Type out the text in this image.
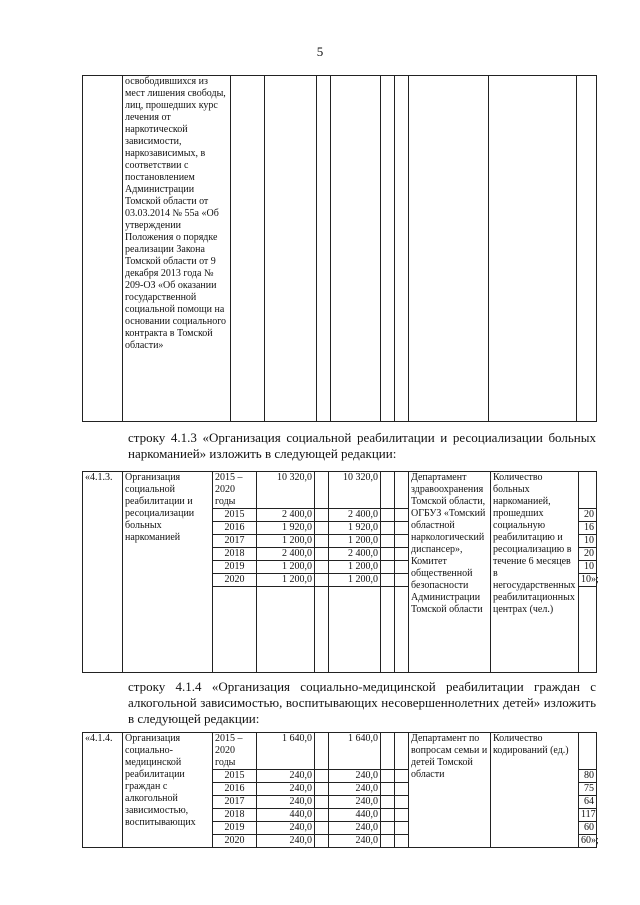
5
	освободившихся из мест лишения свободы, лиц, прошедших курс лечения от наркотической зависимости, наркозависимых, в соответствии с постановлением Администрации Томской области от 03.03.2014 № 55а «Об утверждении Положения о порядке реализации Закона Томской области от 9 декабря 2013 года № 209-ОЗ «Об оказании государственной социальной помощи на основании социального контракта в Томской области»									
строку 4.1.3 «Организация социальной реабилитации и ресоциализации больных наркоманией» изложить в следующей редакции:
«4.1.3.	Организация социальной реабилитации и ресоциализации больных наркоманией	2015 – 2020 годы	10 320,0		10 320,0			Департамент здравоохранения Томской области, ОГБУЗ «Томский областной наркологический диспансер», Комитет общественной безопасности Администрации Томской области	Количество больных наркоманией, прошедших социальную реабилитацию и ресоциализацию в течение 6 месяцев в негосударственных реабилитационных центрах (чел.)	
		2015	2 400,0		2 400,0					20
		2016	1 920,0		1 920,0					16
		2017	1 200,0		1 200,0					10
		2018	2 400,0		2 400,0					20
		2019	1 200,0		1 200,0					10
		2020	1 200,0		1 200,0					10»;

строку 4.1.4 «Организация социально-медицинской реабилитации граждан с алкогольной зависимостью, воспитывающих несовершеннолетних детей» изложить в следующей редакции:
«4.1.4.	Организация социально-медицинской реабилитации граждан с алкогольной зависимостью, воспитывающих	2015 – 2020 годы	1 640,0		1 640,0			Департамент по вопросам семьи и детей Томской области	Количество кодирований (ед.)	
		2015	240,0		240,0					80
		2016	240,0		240,0					75
		2017	240,0		240,0					64
		2018	440,0		440,0					117
		2019	240,0		240,0					60
		2020	240,0		240,0					60»;
